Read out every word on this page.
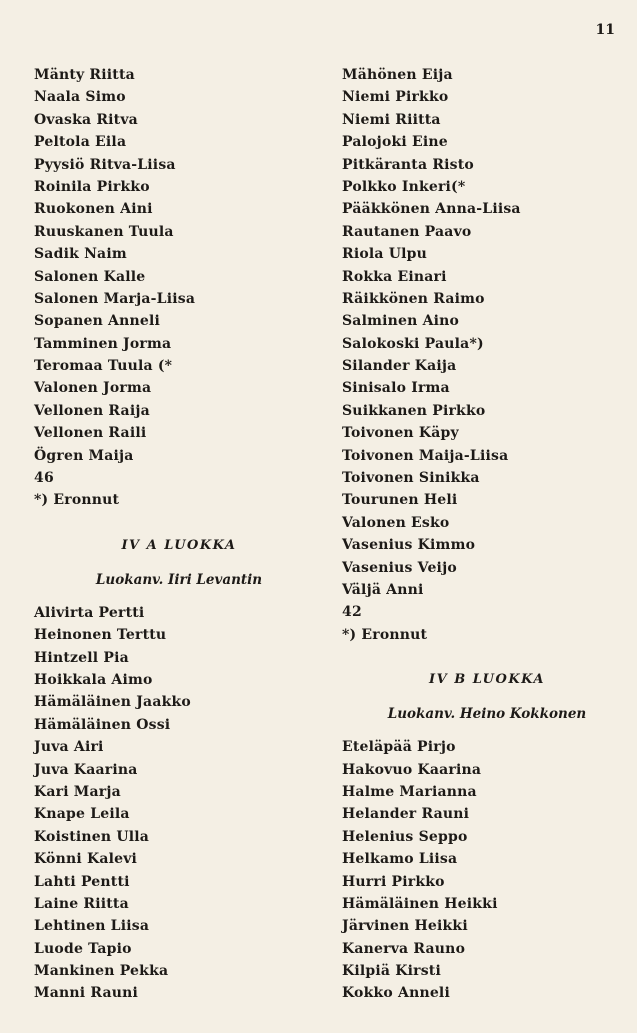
11
Mänty Riitta
Naala Simo
Ovaska Ritva
Peltola Eila
Pyysiö Ritva-Liisa
Roinila Pirkko
Ruokonen Aini
Ruuskanen Tuula
Sadik Naim
Salonen Kalle
Salonen Marja-Liisa
Sopanen Anneli
Tamminen Jorma
Teromaa Tuula (*
Valonen Jorma
Vellonen Raija
Vellonen Raili
Ögren Maija
46
*) Eronnut
IV A LUOKKA
Luokanv. Iiri Levantin
Alivirta Pertti
Heinonen Terttu
Hintzell Pia
Hoikkala Aimo
Hämäläinen Jaakko
Hämäläinen Ossi
Juva Airi
Juva Kaarina
Kari Marja
Knape Leila
Koistinen Ulla
Könni Kalevi
Lahti Pentti
Laine Riitta
Lehtinen Liisa
Luode Tapio
Mankinen Pekka
Manni Rauni
Mähönen Eija
Niemi Pirkko
Niemi Riitta
Palojoki Eine
Pitkäranta Risto
Polkko Inkeri(*
Pääkkönen Anna-Liisa
Rautanen Paavo
Riola Ulpu
Rokka Einari
Räikkönen Raimo
Salminen Aino
Salokoski Paula*)
Silander Kaija
Sinisalo Irma
Suikkanen Pirkko
Toivonen Käpy
Toivonen Maija-Liisa
Toivonen Sinikka
Tourunen Heli
Valonen Esko
Vasenius Kimmo
Vasenius Veijo
Väljä Anni
42
*) Eronnut
IV B LUOKKA
Luokanv. Heino Kokkonen
Eteläpää Pirjo
Hakovuo Kaarina
Halme Marianna
Helander Rauni
Helenius Seppo
Helkamo Liisa
Hurri Pirkko
Hämäläinen Heikki
Järvinen Heikki
Kanerva Rauno
Kilpiä Kirsti
Kokko Anneli
